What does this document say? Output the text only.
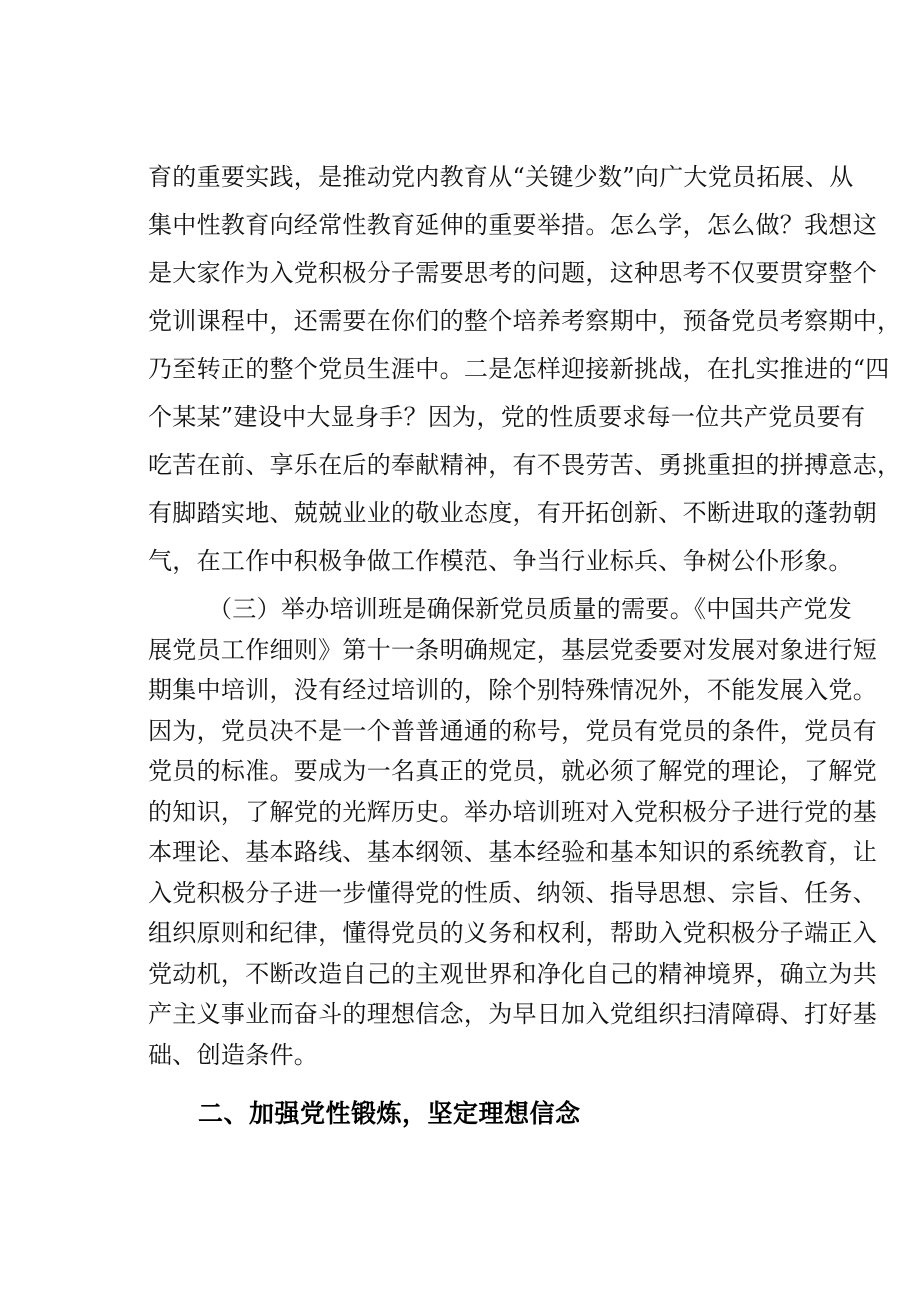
育的重要实践，是推动党内教育从“关键少数”向广大党员拓展、从
集中性教育向经常性教育延伸的重要举措。怎么学，怎么做？我想这
是大家作为入党积极分子需要思考的问题，这种思考不仅要贯穿整个
党训课程中，还需要在你们的整个培养考察期中，预备党员考察期中，
乃至转正的整个党员生涯中。二是怎样迎接新挑战，在扎实推进的“四
个某某”建设中大显身手？因为，党的性质要求每一位共产党员要有
吃苦在前、享乐在后的奉献精神，有不畏劳苦、勇挑重担的拼搏意志，
有脚踏实地、兢兢业业的敬业态度，有开拓创新、不断进取的蓬勃朝
气，在工作中积极争做工作模范、争当行业标兵、争树公仆形象。
（三）举办培训班是确保新党员质量的需要。《中国共产党发
展党员工作细则》第十一条明确规定，基层党委要对发展对象进行短
期集中培训，没有经过培训的，除个别特殊情况外，不能发展入党。
因为，党员决不是一个普普通通的称号，党员有党员的条件，党员有
党员的标准。要成为一名真正的党员，就必须了解党的理论，了解党
的知识，了解党的光辉历史。举办培训班对入党积极分子进行党的基
本理论、基本路线、基本纲领、基本经验和基本知识的系统教育，让
入党积极分子进一步懂得党的性质、纳领、指导思想、宗旨、任务、
组织原则和纪律，懂得党员的义务和权利，帮助入党积极分子端正入
党动机，不断改造自己的主观世界和净化自己的精神境界，确立为共
产主义事业而奋斗的理想信念，为早日加入党组织扫清障碍、打好基
础、创造条件。
二、加强党性锻炼，坚定理想信念
